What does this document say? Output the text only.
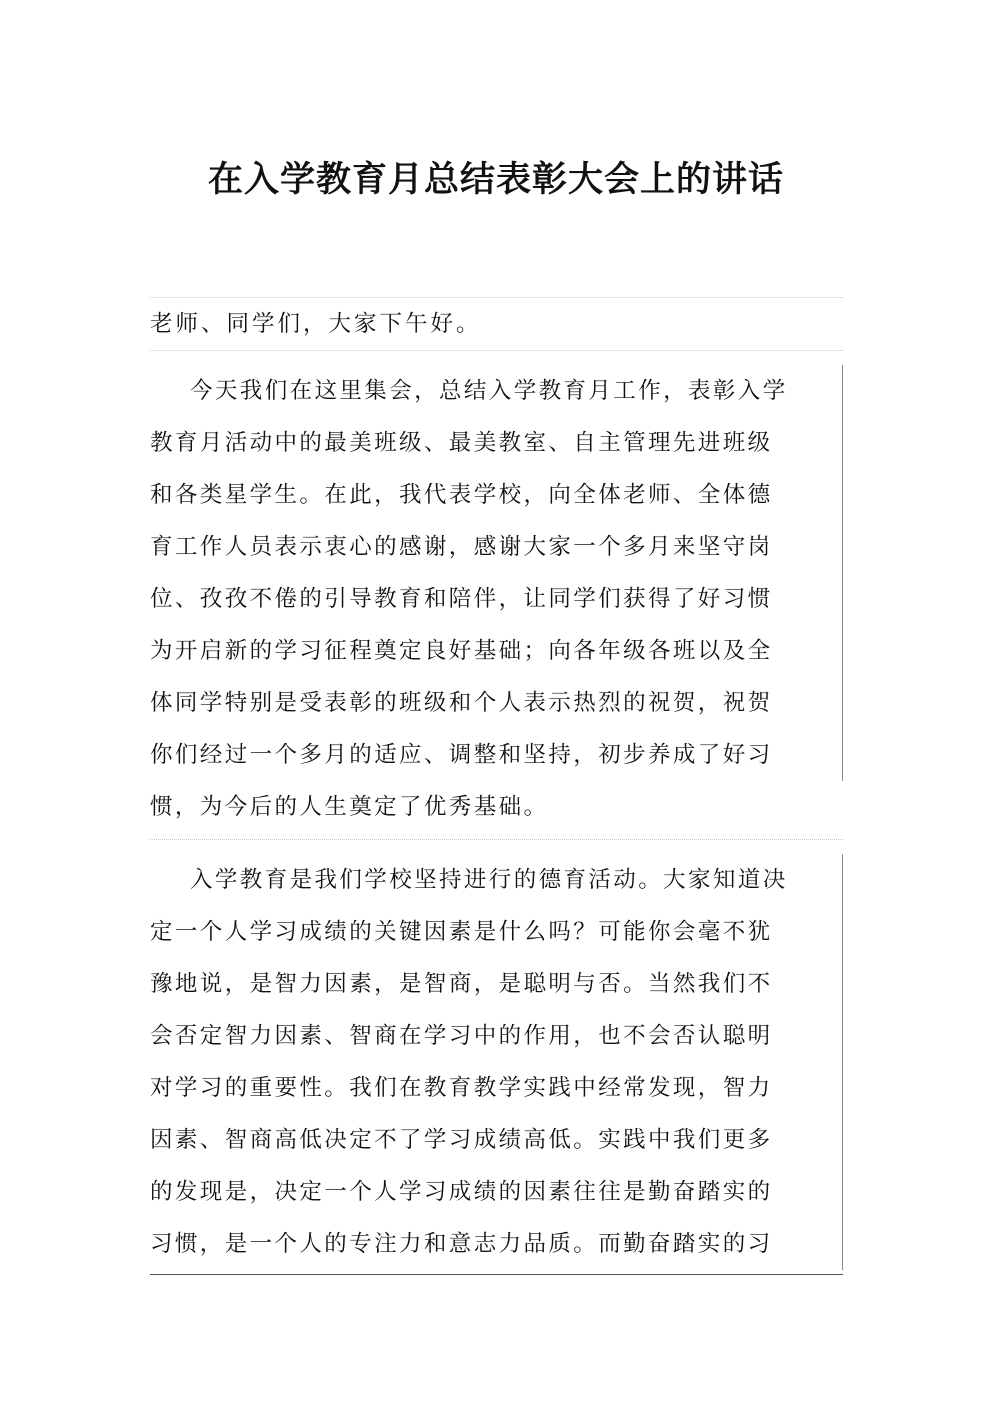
在入学教育月总结表彰大会上的讲话
老师、同学们，大家下午好。
今天我们在这里集会，总结入学教育月工作，表彰入学
教育月活动中的最美班级、最美教室、自主管理先进班级
和各类星学生。在此，我代表学校，向全体老师、全体德
育工作人员表示衷心的感谢，感谢大家一个多月来坚守岗
位、孜孜不倦的引导教育和陪伴，让同学们获得了好习惯
为开启新的学习征程奠定良好基础；向各年级各班以及全
体同学特别是受表彰的班级和个人表示热烈的祝贺，祝贺
你们经过一个多月的适应、调整和坚持，初步养成了好习
惯，为今后的人生奠定了优秀基础。
入学教育是我们学校坚持进行的德育活动。大家知道决
定一个人学习成绩的关键因素是什么吗？可能你会毫不犹
豫地说，是智力因素，是智商，是聪明与否。当然我们不
会否定智力因素、智商在学习中的作用，也不会否认聪明
对学习的重要性。我们在教育教学实践中经常发现，智力
因素、智商高低决定不了学习成绩高低。实践中我们更多
的发现是，决定一个人学习成绩的因素往往是勤奋踏实的
习惯，是一个人的专注力和意志力品质。而勤奋踏实的习
